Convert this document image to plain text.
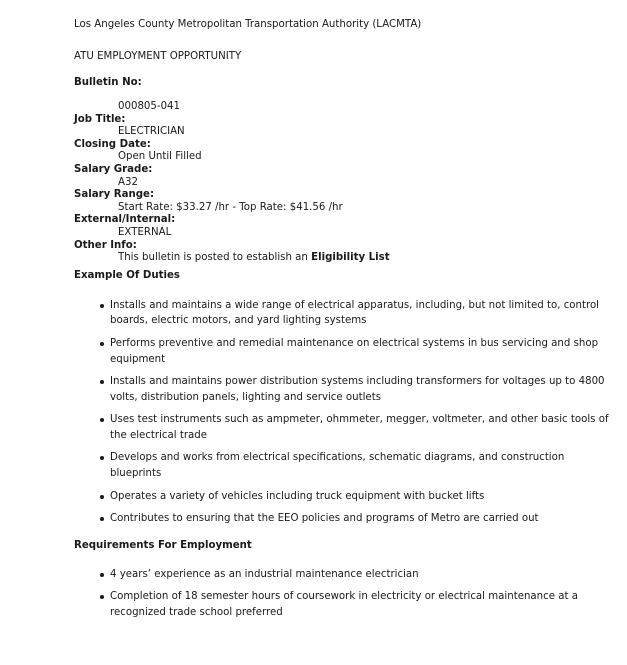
Los Angeles County Metropolitan Transportation Authority (LACMTA)
ATU EMPLOYMENT OPPORTUNITY
Bulletin No:
000805-041
Job Title:
ELECTRICIAN
Closing Date:
Open Until Filled
Salary Grade:
A32
Salary Range:
Start Rate: $33.27 /hr - Top Rate: $41.56 /hr
External/Internal:
EXTERNAL
Other Info:
This bulletin is posted to establish an Eligibility List
Example Of Duties
Installs and maintains a wide range of electrical apparatus, including, but not limited to, control boards, electric motors, and yard lighting systems
Performs preventive and remedial maintenance on electrical systems in bus servicing and shop equipment
Installs and maintains power distribution systems including transformers for voltages up to 4800 volts, distribution panels, lighting and service outlets
Uses test instruments such as ampmeter, ohmmeter, megger, voltmeter, and other basic tools of the electrical trade
Develops and works from electrical specifications, schematic diagrams, and construction blueprints
Operates a variety of vehicles including truck equipment with bucket lifts
Contributes to ensuring that the EEO policies and programs of Metro are carried out
Requirements For Employment
4 years’ experience as an industrial maintenance electrician
Completion of 18 semester hours of coursework in electricity or electrical maintenance at a recognized trade school preferred
